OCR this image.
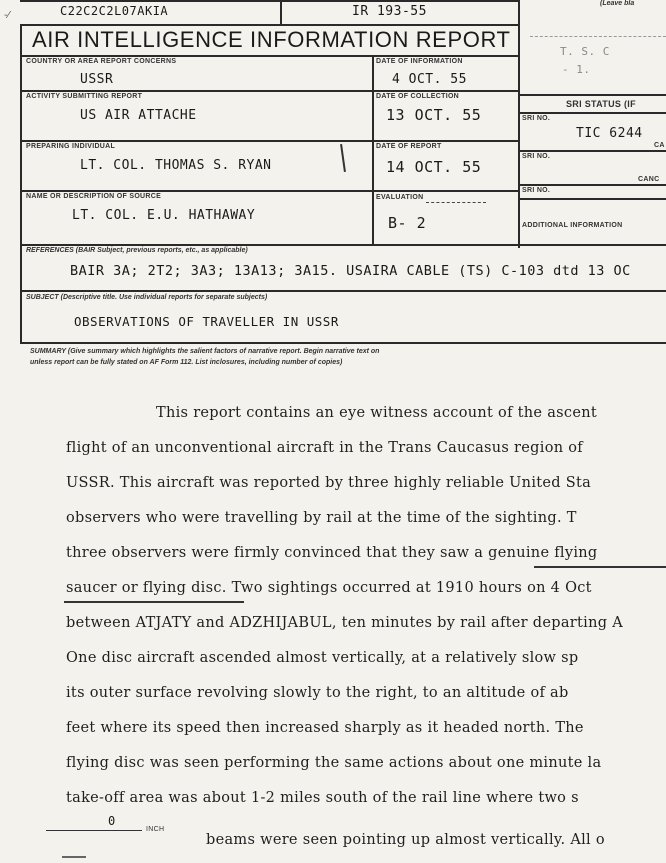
C22C2C2L07AKIA	IR 193-55
(Leave bla
-⁄
AIR INTELLIGENCE INFORMATION REPORT
COUNTRY OR AREA REPORT CONCERNS
USSR
DATE OF INFORMATION
4 OCT. 55
ACTIVITY SUBMITTING REPORT
US AIR ATTACHE
DATE OF COLLECTION
13 OCT. 55
PREPARING INDIVIDUAL
LT. COL. THOMAS S. RYAN
DATE OF REPORT
14 OCT. 55
NAME OR DESCRIPTION OF SOURCE
LT. COL. E.U. HATHAWAY
EVALUATION
B- 2
T. S. C
- 1.
SRI STATUS (IF
SRI NO.
TIC 6244
CA
SRI NO.
CANC
SRI NO.
ADDITIONAL INFORMATION
REFERENCES (BAIR Subject, previous reports, etc., as applicable)
BAIR 3A; 2T2; 3A3; 13A13; 3A15. USAIRA CABLE (TS) C-103 dtd 13 OC
SUBJECT (Descriptive title. Use individual reports for separate subjects)
OBSERVATIONS OF TRAVELLER IN USSR
SUMMARY (Give summary which highlights the salient factors of narrative report. Begin narrative text on
unless report can be fully stated on AF Form 112. List inclosures, including number of copies)
This report contains an eye witness account of the ascent
flight of an unconventional aircraft in the Trans Caucasus region of
USSR. This aircraft was reported by three highly reliable United Sta
observers who were travelling by rail at the time of the sighting. T
three observers were firmly convinced that they saw a genuine flying
saucer or flying disc. Two sightings occurred at 1910 hours on 4 Oct
between ATJATY and ADZHIJABUL, ten minutes by rail after departing A
One disc aircraft ascended almost vertically, at a relatively slow sp
its outer surface revolving slowly to the right, to an altitude of ab
feet where its speed then increased sharply as it headed north. The
flying disc was seen performing the same actions about one minute la
take-off area was about 1-2 miles south of the rail line where two s
beams were seen pointing up almost vertically. All o
0
INCH
